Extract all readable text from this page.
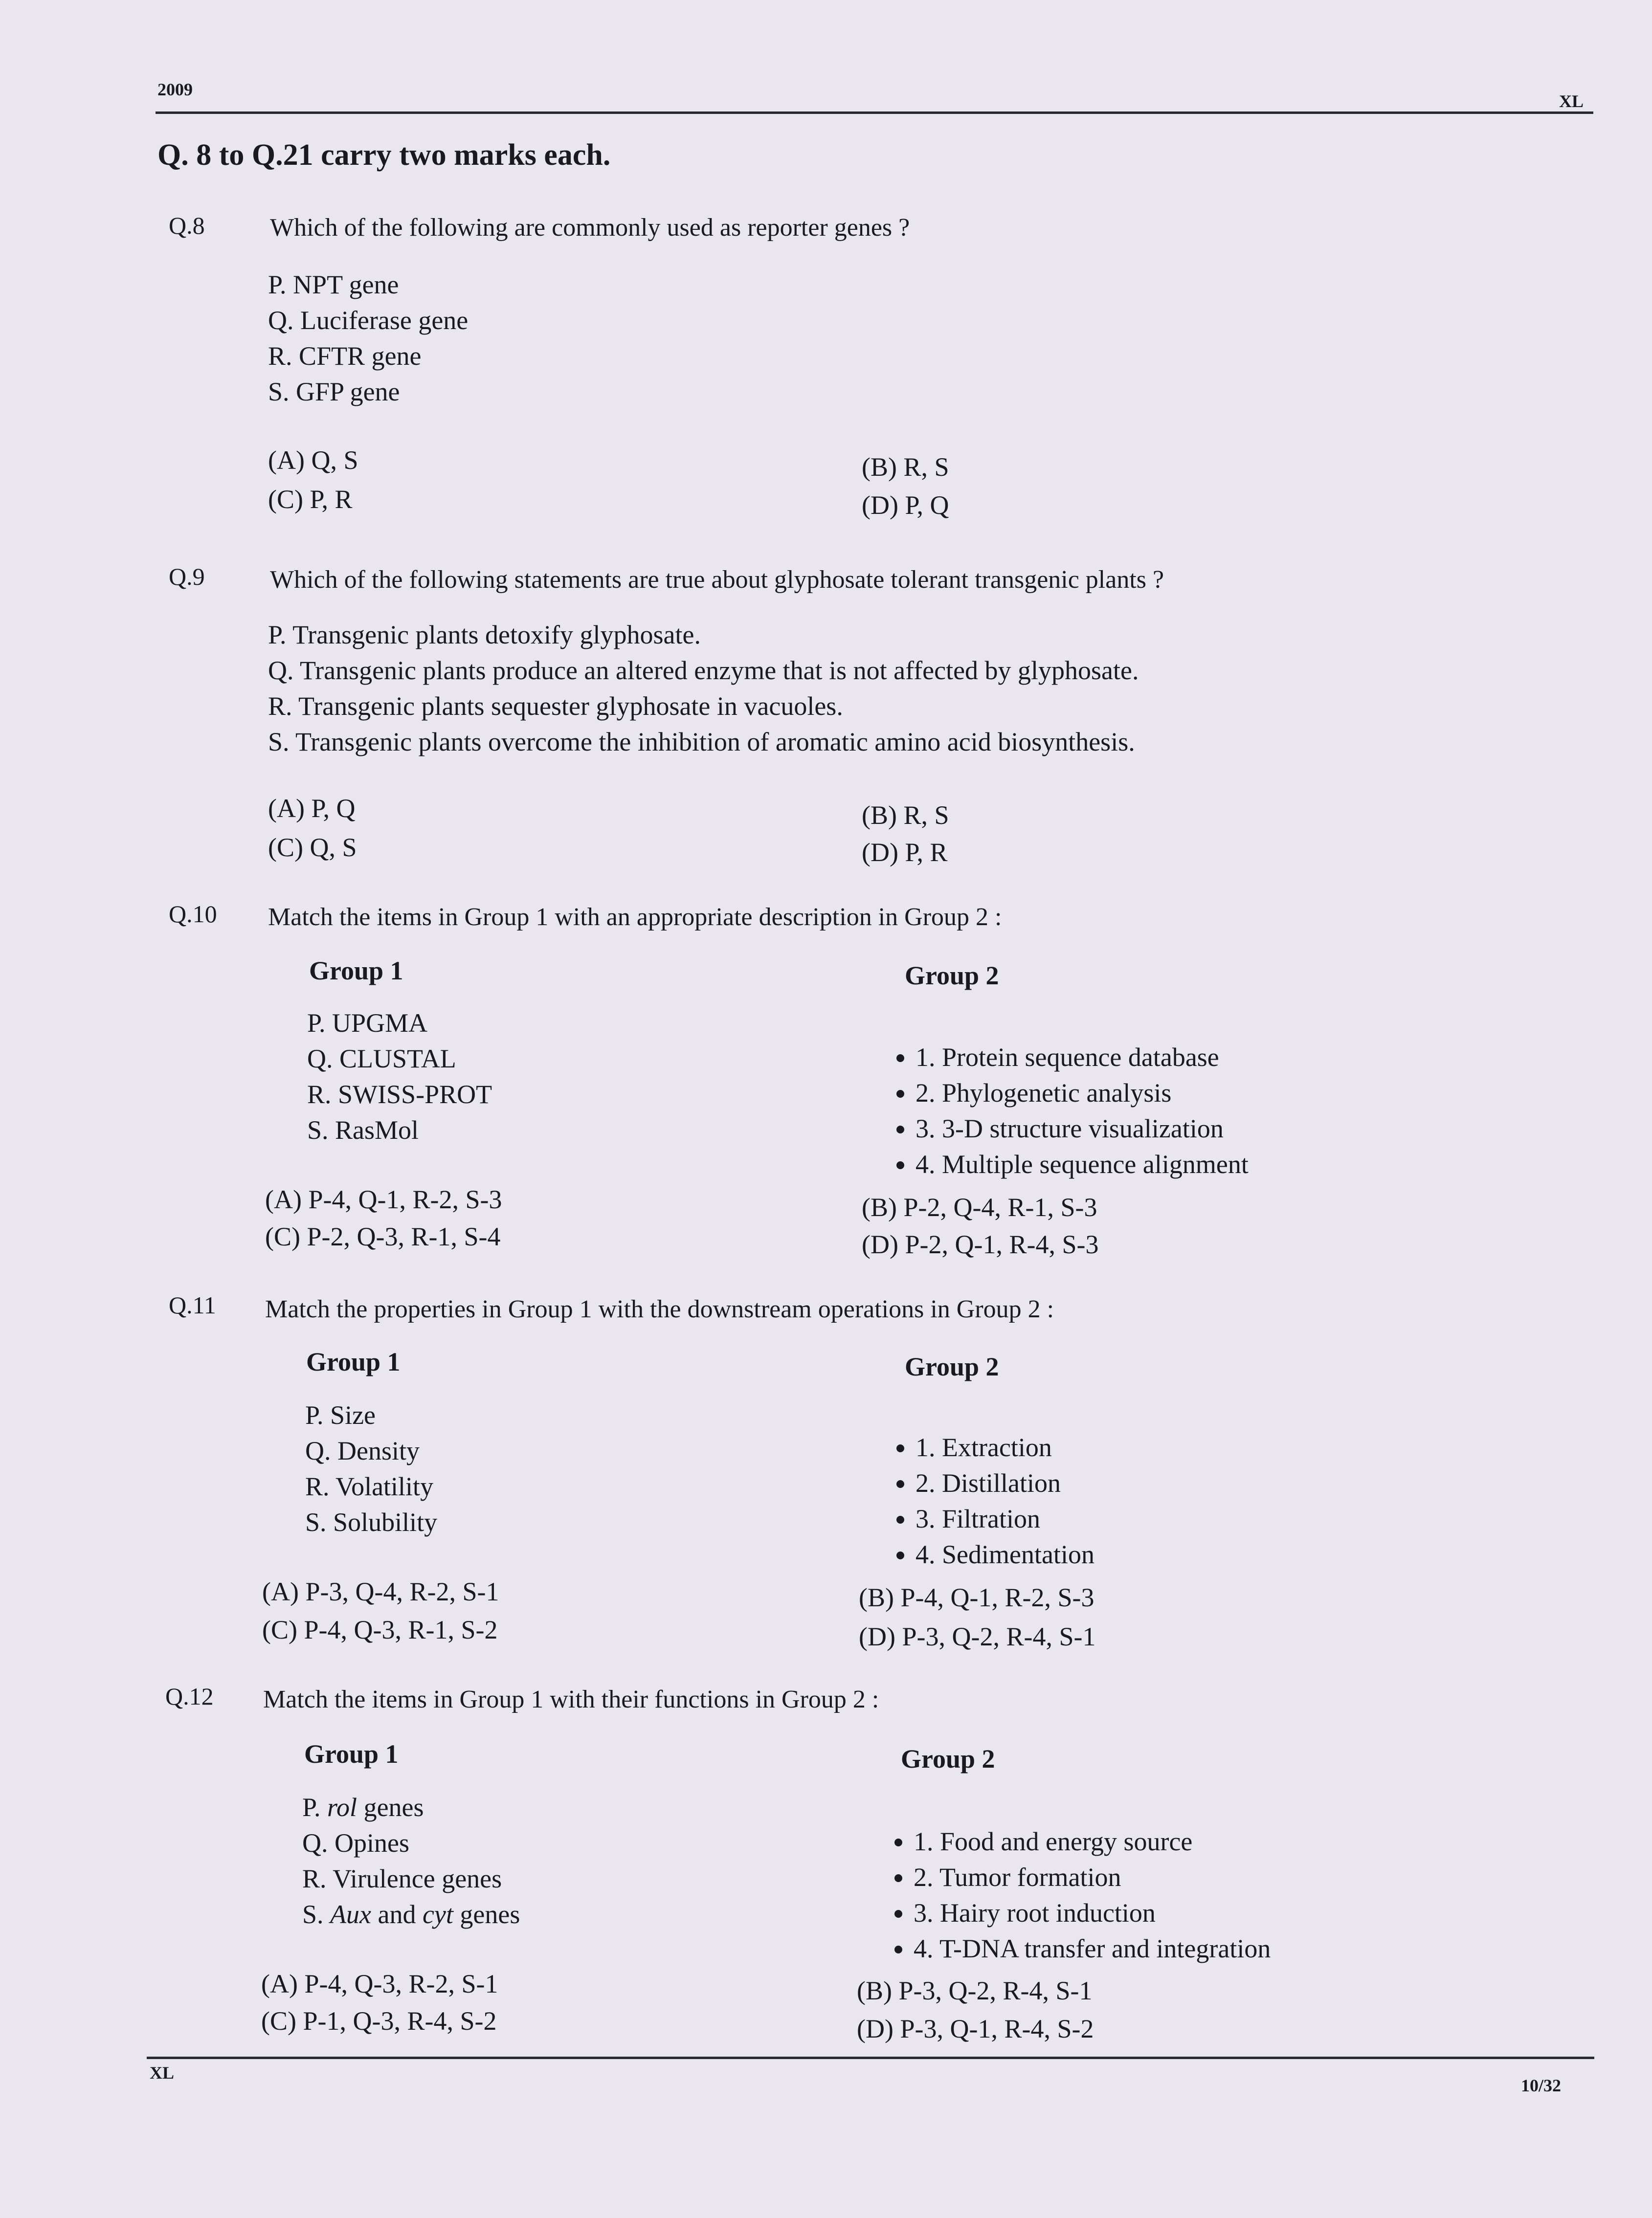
2009
XL
Q. 8 to Q.21 carry two marks each.
Q.8	Which of the following are commonly used as reporter genes ?
P. NPT gene
Q. Luciferase gene
R. CFTR gene
S. GFP gene
(A) Q, S	(B) R, S
(C) P, R	(D) P, Q
Q.9	Which of the following statements are true about glyphosate tolerant transgenic plants ?
P. Transgenic plants detoxify glyphosate.
Q. Transgenic plants produce an altered enzyme that is not affected by glyphosate.
R. Transgenic plants sequester glyphosate in vacuoles.
S. Transgenic plants overcome the inhibition of aromatic amino acid biosynthesis.
(A) P, Q	(B) R, S
(C) Q, S	(D) P, R
Q.10 Match the items in Group 1 with an appropriate description in Group 2 :
Group 1	Group 2
P. UPGMA
Q. CLUSTAL
R. SWISS-PROT
S. RasMol
• 1. Protein sequence database
• 2. Phylogenetic analysis
• 3. 3-D structure visualization
• 4. Multiple sequence alignment
(A) P-4, Q-1, R-2, S-3	(B) P-2, Q-4, R-1, S-3
(C) P-2, Q-3, R-1, S-4	(D) P-2, Q-1, R-4, S-3
Q.11 Match the properties in Group 1 with the downstream operations in Group 2 :
Group 1	Group 2
P. Size
Q. Density
R. Volatility
S. Solubility
• 1. Extraction
• 2. Distillation
• 3. Filtration
• 4. Sedimentation
(A) P-3, Q-4, R-2, S-1	(B) P-4, Q-1, R-2, S-3
(C) P-4, Q-3, R-1, S-2	(D) P-3, Q-2, R-4, S-1
Q.12 Match the items in Group 1 with their functions in Group 2 :
Group 1	Group 2
P. rol genes
Q. Opines
R. Virulence genes
S. Aux and cyt genes
• 1. Food and energy source
• 2. Tumor formation
• 3. Hairy root induction
• 4. T-DNA transfer and integration
(A) P-4, Q-3, R-2, S-1	(B) P-3, Q-2, R-4, S-1
(C) P-1, Q-3, R-4, S-2	(D) P-3, Q-1, R-4, S-2
XL
10/32
